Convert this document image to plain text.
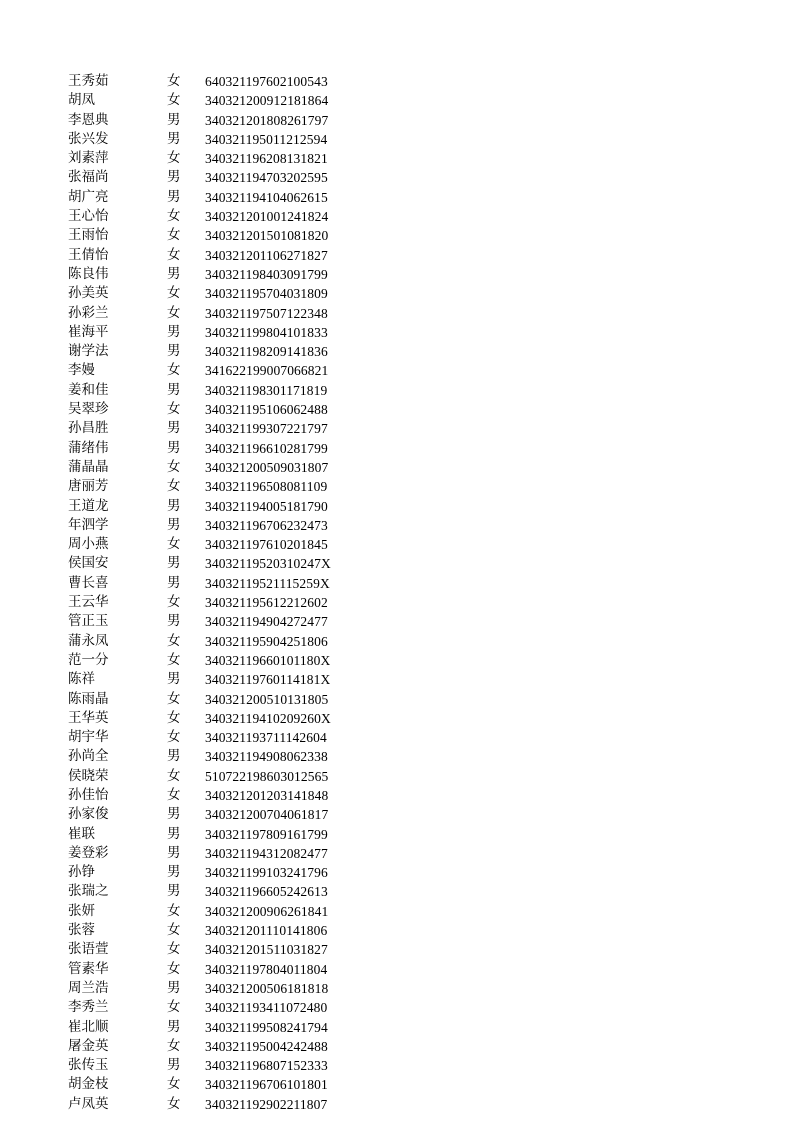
王秀茹	女 640321197602100543
胡凤	女 340321200912181864
李恩典	男 340321201808261797
张兴发	男 340321195011212594
刘素萍	女 340321196208131821
张福尚	男 340321194703202595
胡广亮	男 340321194104062615
王心怡	女 340321201001241824
王雨怡	女 340321201501081820
王倩怡	女 340321201106271827
陈良伟	男 340321198403091799
孙美英	女 340321195704031809
孙彩兰	女 340321197507122348
崔海平	男 340321199804101833
谢学法	男 340321198209141836
李嫚	女 341622199007066821
姜和佳	男 340321198301171819
吴翠珍	女 340321195106062488
孙昌胜	男 340321199307221797
蒲绪伟	男 340321196610281799
蒲晶晶	女 340321200509031807
唐丽芳	女 340321196508081109
王道龙	男 340321194005181790
年泗学	男 340321196706232473
周小燕	女 340321197610201845
侯国安	男 34032119520310247X
曹长喜	男 34032119521115259X
王云华	女 340321195612212602
管正玉	男 340321194904272477
蒲永凤	女 340321195904251806
范一分	女 34032119660101180X
陈祥	男 34032119760114181X
陈雨晶	女 340321200510131805
王华英	女 34032119410209260X
胡宇华	女 340321193711142604
孙尚全	男 340321194908062338
侯晓荣	女 510722198603012565
孙佳怡	女 340321201203141848
孙家俊	男 340321200704061817
崔联	男 340321197809161799
姜登彩	男 340321194312082477
孙铮	男 340321199103241796
张瑞之	男 340321196605242613
张妍	女 340321200906261841
张蓉	女 340321201110141806
张语萱	女 340321201511031827
管素华	女 340321197804011804
周兰浩	男 340321200506181818
李秀兰	女 340321193411072480
崔北顺	男 340321199508241794
屠金英	女 340321195004242488
张传玉	男 340321196807152333
胡金枝	女 340321196706101801
卢凤英	女 340321192902211807
